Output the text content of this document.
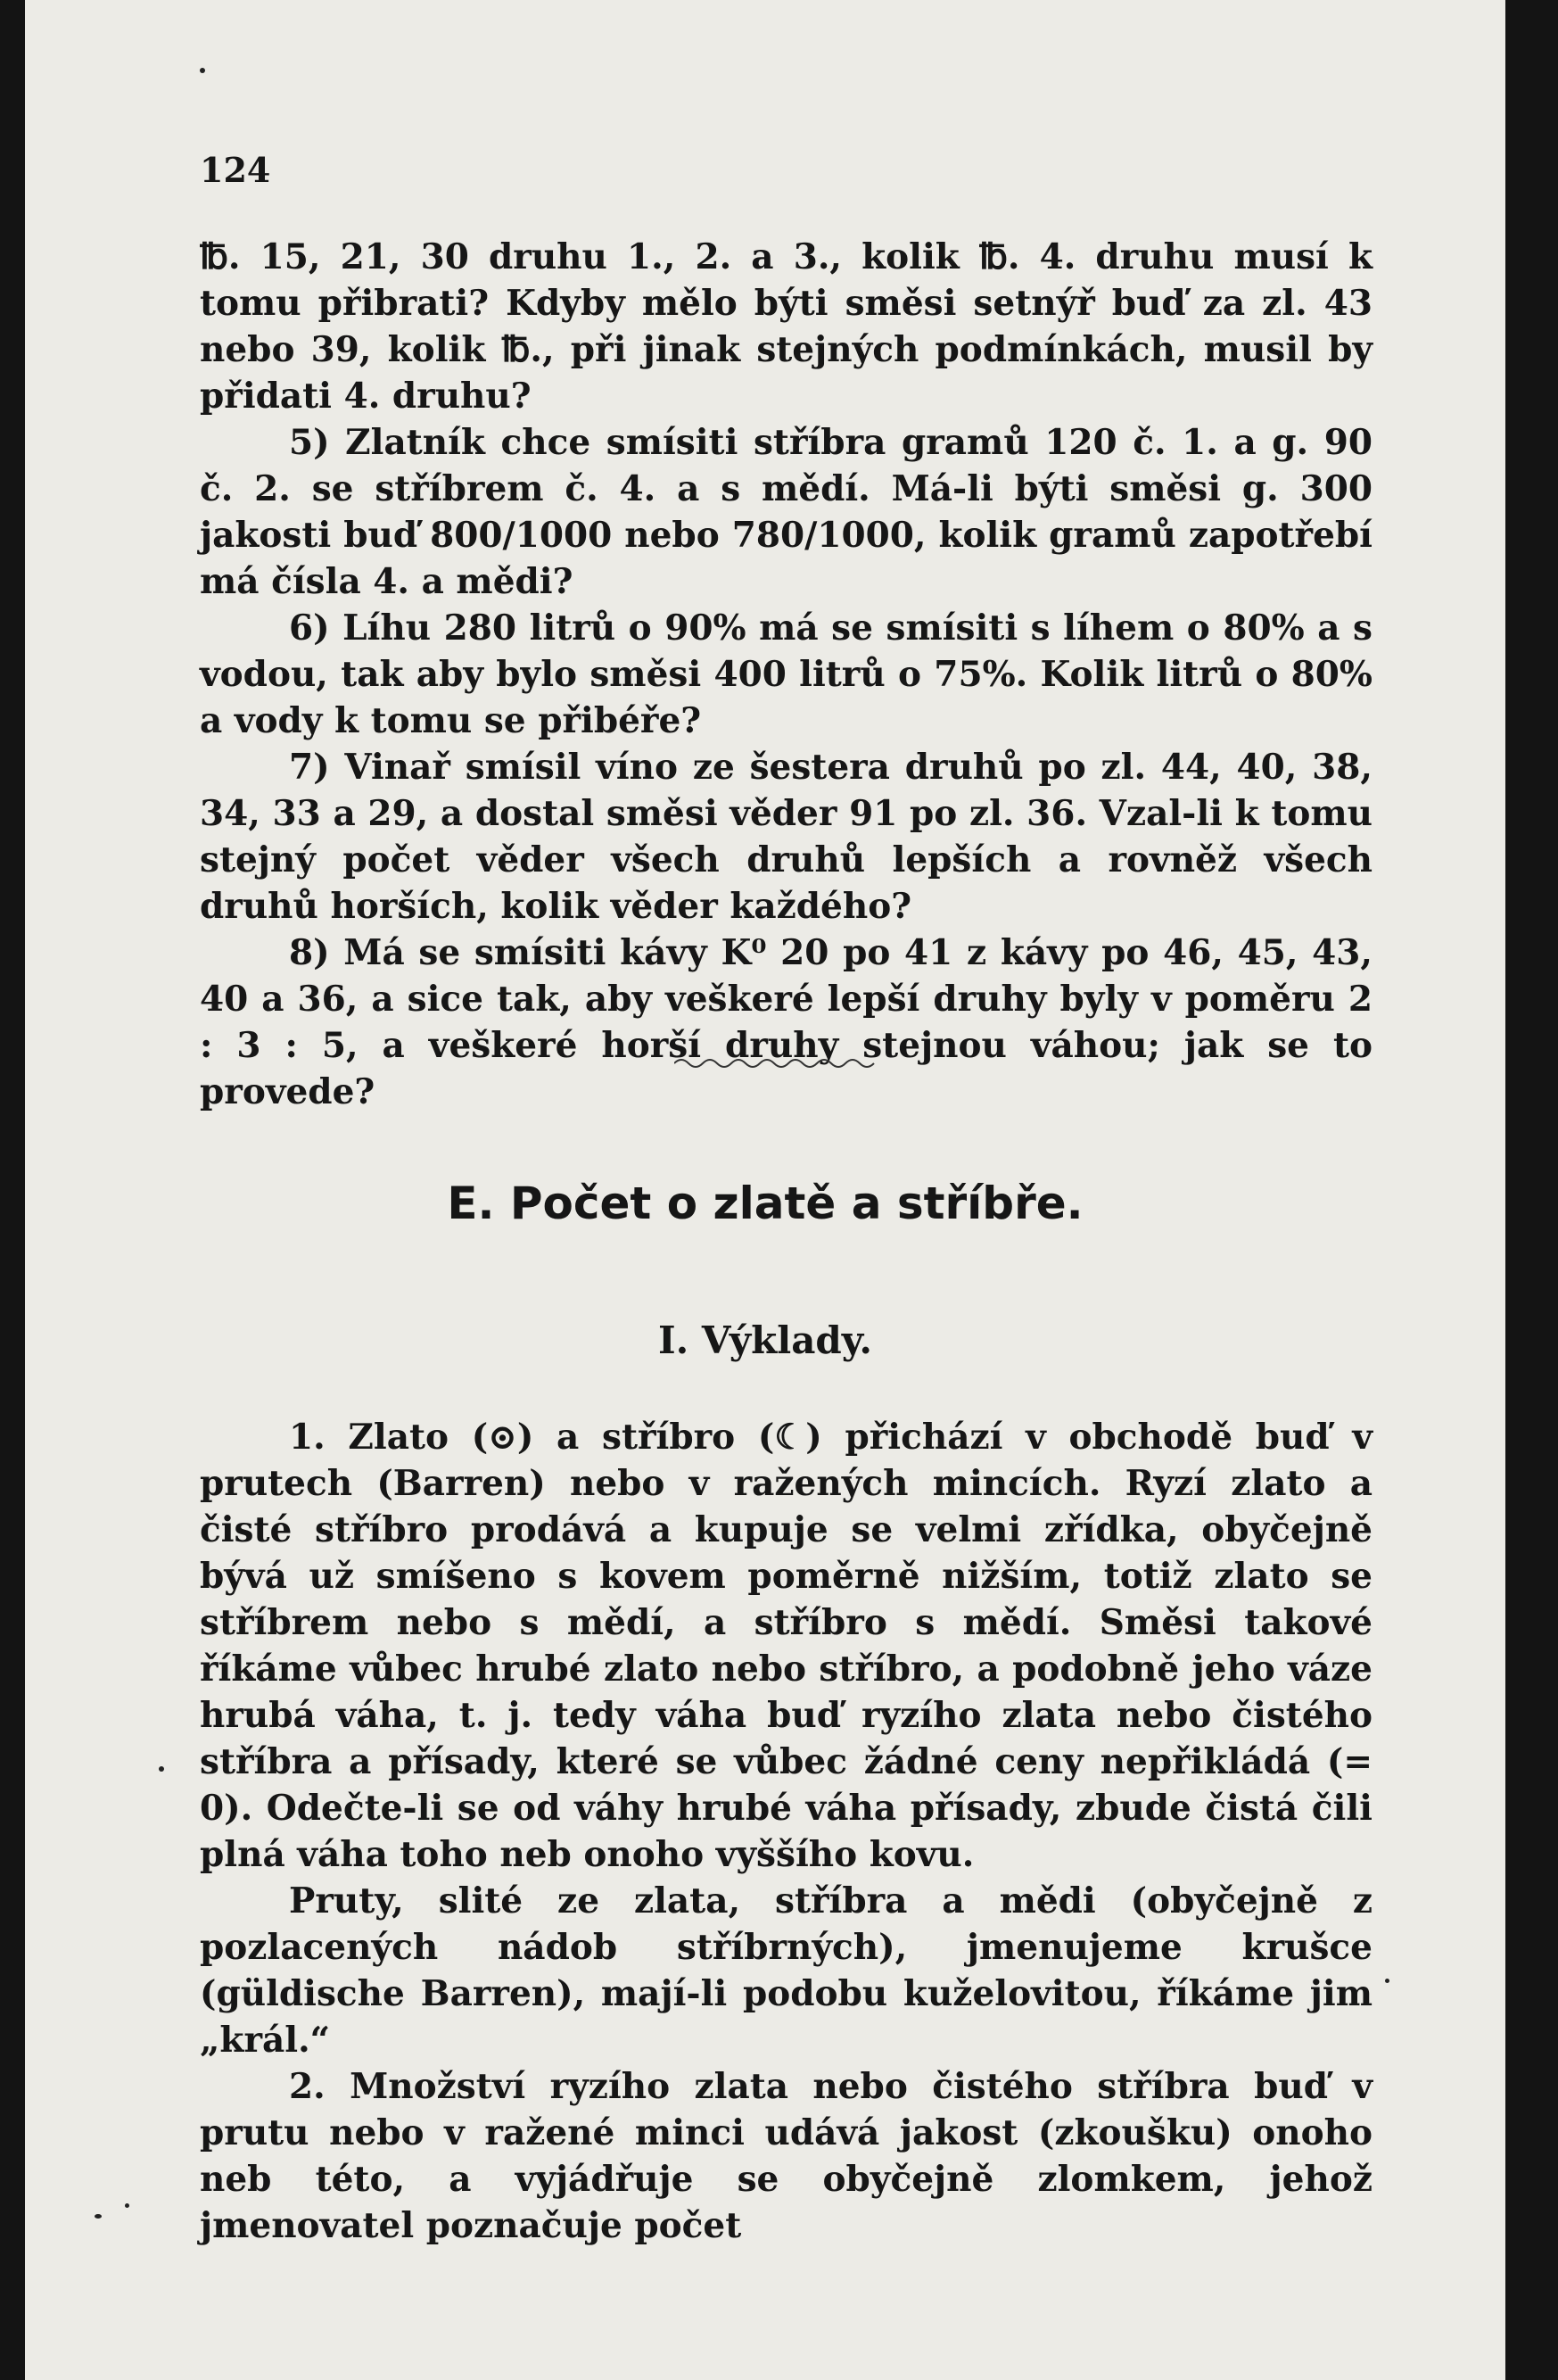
124

℔. 15, 21, 30 druhu 1., 2. a 3., kolik ℔. 4. druhu musí k tomu přibrati? Kdyby mělo býti směsi setnýř buď za zl. 43 nebo 39, kolik ℔., při jinak stejných podmínkách, musil by přidati 4. druhu?

5) Zlatník chce smísiti stříbra gramů 120 č. 1. a g. 90 č. 2. se stříbrem č. 4. a s mědí. Má-li býti směsi g. 300 jakosti buď 800/1000 nebo 780/1000, kolik gramů zapotřebí má čísla 4. a mědi?

6) Líhu 280 litrů o 90% má se smísiti s líhem o 80% a s vodou, tak aby bylo směsi 400 litrů o 75%. Kolik litrů o 80% a vody k tomu se přibéře?

7) Vinař smísil víno ze šestera druhů po zl. 44, 40, 38, 34, 33 a 29, a dostal směsi věder 91 po zl. 36. Vzal-li k tomu stejný počet věder všech druhů lepších a rovněž všech druhů horších, kolik věder každého?

8) Má se smísiti kávy K⁰ 20 po 41 z kávy po 46, 45, 43, 40 a 36, a sice tak, aby veškeré lepší druhy byly v poměru 2 : 3 : 5, a veškeré horší druhy stejnou váhou; jak se to provede?

E. Počet o zlatě a stříbře.
I. Výklady.

1. Zlato (⊙) a stříbro (☾) přichází v obchodě buď v prutech (Barren) nebo v ražených mincích. Ryzí zlato a čisté stříbro prodává a kupuje se velmi zřídka, obyčejně bývá už smíšeno s kovem poměrně nižším, totiž zlato se stříbrem nebo s mědí, a stříbro s mědí. Směsi takové říkáme vůbec hrubé zlato nebo stříbro, a podobně jeho váze hrubá váha, t. j. tedy váha buď ryzího zlata nebo čistého stříbra a přísady, které se vůbec žádné ceny nepřikládá (= 0). Odečte-li se od váhy hrubé váha přísady, zbude čistá čili plná váha toho neb onoho vyššího kovu.

Pruty, slité ze zlata, stříbra a mědi (obyčejně z pozlacených nádob stříbrných), jmenujeme krušce (güldische Barren), mají-li podobu kuželovitou, říkáme jim „král.“

2. Množství ryzího zlata nebo čistého stříbra buď v prutu nebo v ražené minci udává jakost (zkoušku) onoho neb této, a vyjádřuje se obyčejně zlomkem, jehož jmenovatel poznačuje počet
